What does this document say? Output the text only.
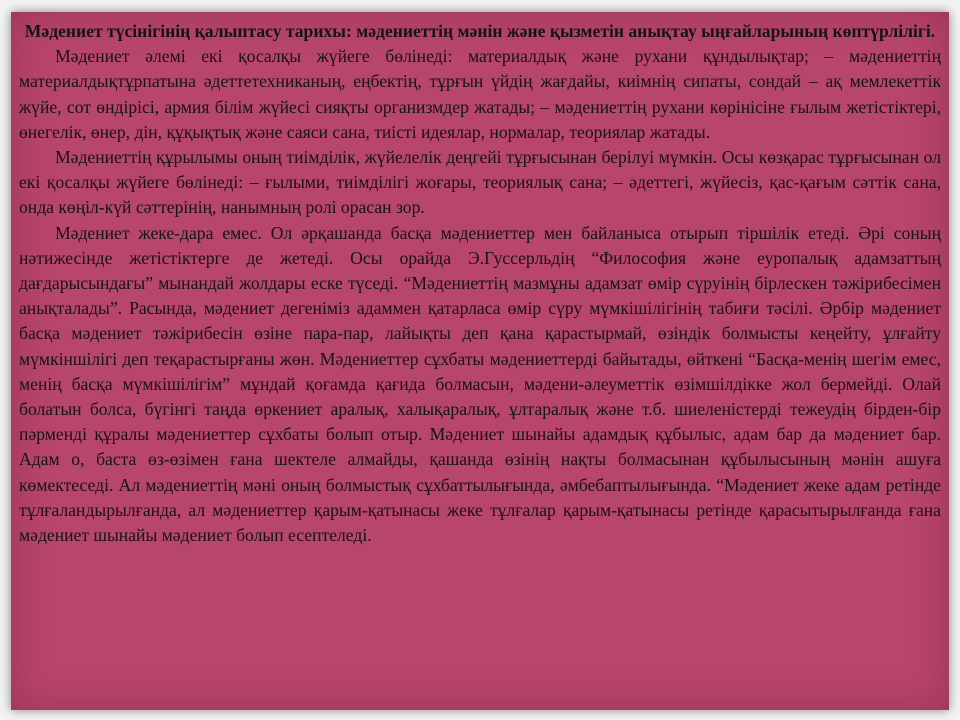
Мәдениет түсінігінің қалыптасу тарихы: мәдениеттің мәнін және қызметін анықтау ыңғайларының көптүрлілігі.

Мәдениет әлемі екі қосалқы жүйеге бөлінеді: материалдық және рухани құндылықтар; – мәдениеттің материалдықтұрпатына әдеттетехниканың, еңбектің, тұрғын үйдің жағдайы, киімнің сипаты, сондай – ақ мемлекеттік жүйе, сот өндірісі, армия білім жүйесі сияқты организмдер жатады; – мәдениеттің рухани көрінісіне ғылым жетістіктері, өнегелік, өнер, дін, құқықтық және саяси сана, тиісті идеялар, нормалар, теориялар жатады.

Мәдениеттің құрылымы оның тиімділік, жүйелелік деңгейі тұрғысынан берілуі мүмкін. Осы көзқарас тұрғысынан ол екі қосалқы жүйеге бөлінеді: – ғылыми, тиімділігі жоғары, теориялық сана; – әдеттегі, жүйесіз, қас-қағым сәттік сана, онда көңіл-күй сәттерінің, нанымның ролі орасан зор.

Мәдениет жеке-дара емес. Ол әрқашанда басқа мәдениеттер мен байланыса отырып тіршілік етеді. Әрі соның нәтижесінде жетістіктерге де жетеді. Осы орайда Э.Гуссерльдің “Философия және еуропалық адамзаттың дағдарысындағы” мынандай жолдары еске түседі. “Мәдениеттің мазмұны адамзат өмір сүруінің бірлескен тәжірибесімен анықталады”. Расында, мәдениет дегеніміз адаммен қатарласа өмір сүру мүмкішілігінің табиғи тәсілі. Әрбір мәдениет басқа мәдениет тәжірибесін өзіне пара-пар, лайықты деп қана қарастырмай, өзіндік болмысты кеңейту, ұлғайту мүмкіншілігі деп теқарастырғаны жөн. Мәдениеттер сұхбаты мәдениеттерді байытады, өйткені “Басқа-менің шегім емес, менің басқа мүмкішілігім” мұндай қоғамда қағида болмасын, мәдени-әлеуметтік өзімшілдікке жол бермейді. Олай болатын болса, бүгінгі таңда өркениет аралық, халықаралық, ұлтаралық және т.б. шиеленістерді тежеудің бірден-бір пәрменді құралы мәдениеттер сұхбаты болып отыр. Мәдениет шынайы адамдық құбылыс, адам бар да мәдениет бар. Адам о, баста өз-өзімен ғана шектеле алмайды, қашанда өзінің нақты болмасынан құбылысының мәнін ашуға көмектеседі. Ал мәдениеттің мәні оның болмыстық сұхбаттылығында, әмбебаптылығында. “Мәдениет жеке адам ретінде тұлғаландырылғанда, ал мәдениеттер қарым-қатынасы жеке тұлғалар қарым-қатынасы ретінде қарасытырылғанда ғана мәдениет шынайы мәдениет болып есептеледі.
